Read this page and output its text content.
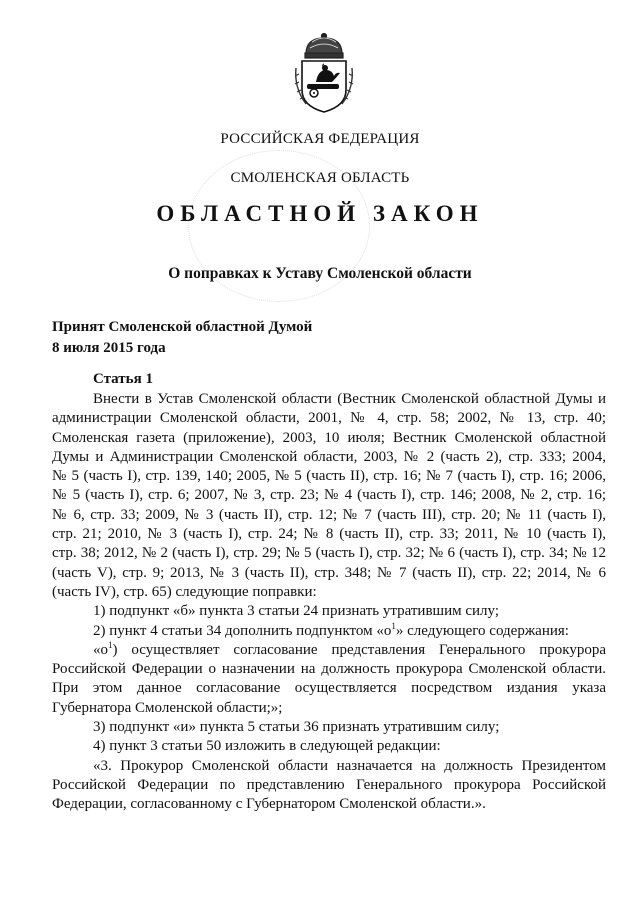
РОССИЙСКАЯ ФЕДЕРАЦИЯ
СМОЛЕНСКАЯ ОБЛАСТЬ
ОБЛАСТНОЙ ЗАКОН
О поправках к Уставу Смоленской области
Принят Смоленской областной Думой
8 июля 2015 года
Статья 1
Внести в Устав Смоленской области (Вестник Смоленской областной Думы и
администрации Смоленской области, 2001, № 4, стр. 58; 2002, № 13, стр. 40;
Смоленская газета (приложение), 2003, 10 июля; Вестник Смоленской областной
Думы и Администрации Смоленской области, 2003, № 2 (часть 2), стр. 333; 2004,
№ 5 (часть I), стр. 139, 140; 2005, № 5 (часть II), стр. 16; № 7 (часть I), стр. 16; 2006,
№ 5 (часть I), стр. 6; 2007, № 3, стр. 23; № 4 (часть I), стр. 146; 2008, № 2, стр. 16;
№ 6, стр. 33; 2009, № 3 (часть II), стр. 12; № 7 (часть III), стр. 20; № 11 (часть I),
стр. 21; 2010, № 3 (часть I), стр. 24; № 8 (часть II), стр. 33; 2011, № 10 (часть I),
стр. 38; 2012, № 2 (часть I), стр. 29; № 5 (часть I), стр. 32; № 6 (часть I), стр. 34; № 12
(часть V), стр. 9; 2013, № 3 (часть II), стр. 348; № 7 (часть II), стр. 22; 2014, № 6
(часть IV), стр. 65) следующие поправки:
1) подпункт «б» пункта 3 статьи 24 признать утратившим силу;
2) пункт 4 статьи 34 дополнить подпунктом «$о^1$» следующего содержания:
«$о^1$) осуществляет согласование представления Генерального прокурора
Российской Федерации о назначении на должность прокурора Смоленской области.
При этом данное согласование осуществляется посредством издания указа
Губернатора Смоленской области;»;
3) подпункт «и» пункта 5 статьи 36 признать утратившим силу;
4) пункт 3 статьи 50 изложить в следующей редакции:
«3. Прокурор Смоленской области назначается на должность Президентом
Российской Федерации по представлению Генерального прокурора Российской
Федерации, согласованному с Губернатором Смоленской области.».
